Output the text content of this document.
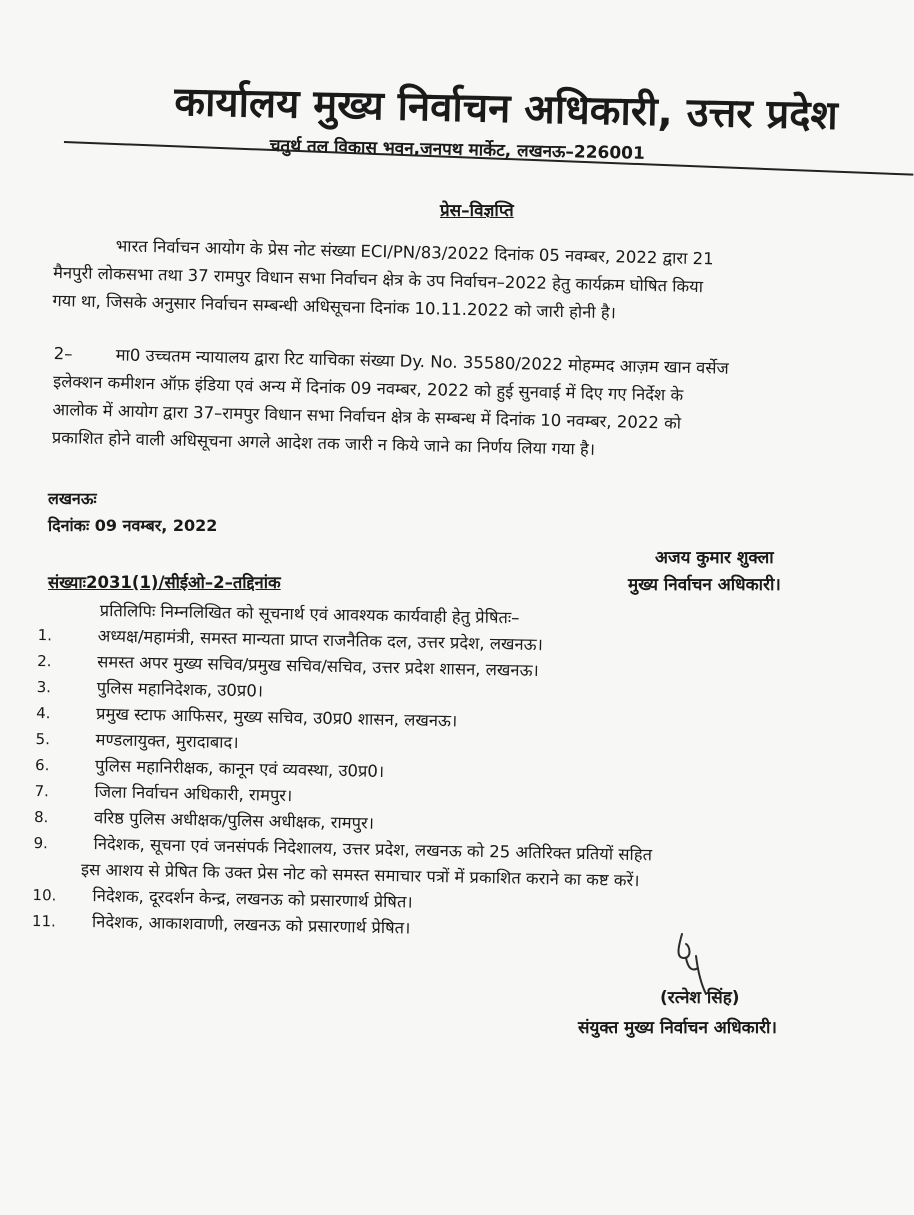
कार्यालय मुख्य निर्वाचन अधिकारी, उत्तर प्रदेश
चतुर्थ तल विकास भवन,जनपथ मार्केट, लखनऊ–226001
प्रेस–विज्ञप्ति
भारत निर्वाचन आयोग के प्रेस नोट संख्या ECI/PN/83/2022 दिनांक 05 नवम्बर, 2022 द्वारा 21
मैनपुरी लोकसभा तथा 37 रामपुर विधान सभा निर्वाचन क्षेत्र के उप निर्वाचन–2022 हेतु कार्यक्रम घोषित किया
गया था, जिसके अनुसार निर्वाचन सम्बन्धी अधिसूचना दिनांक 10.11.2022 को जारी होनी है।
2–	मा0 उच्चतम न्यायालय द्वारा रिट याचिका संख्या Dy. No. 35580/2022 मोहम्मद आज़म खान वर्सेज
इलेक्शन कमीशन ऑफ़ इंडिया एवं अन्य में दिनांक 09 नवम्बर, 2022 को हुई सुनवाई में दिए गए निर्देश के
आलोक में आयोग द्वारा 37–रामपुर विधान सभा निर्वाचन क्षेत्र के सम्बन्ध में दिनांक 10 नवम्बर, 2022 को
प्रकाशित होने वाली अधिसूचना अगले आदेश तक जारी न किये जाने का निर्णय लिया गया है।
लखनऊः
दिनांकः 09 नवम्बर, 2022
अजय कुमार शुक्ला
मुख्य निर्वाचन अधिकारी।
संख्याः2031(1)/सीईओ–2–तद्दिनांक
प्रतिलिपिः निम्नलिखित को सूचनार्थ एवं आवश्यक कार्यवाही हेतु प्रेषितः–
1.	अध्यक्ष/महामंत्री, समस्त मान्यता प्राप्त राजनैतिक दल, उत्तर प्रदेश, लखनऊ।
2.	समस्त अपर मुख्य सचिव/प्रमुख सचिव/सचिव, उत्तर प्रदेश शासन, लखनऊ।
3.	पुलिस महानिदेशक, उ0प्र0।
4.	प्रमुख स्टाफ आफिसर, मुख्य सचिव, उ0प्र0 शासन, लखनऊ।
5.	मण्डलायुक्त, मुरादाबाद।
6.	पुलिस महानिरीक्षक, कानून एवं व्यवस्था, उ0प्र0।
7.	जिला निर्वाचन अधिकारी, रामपुर।
8.	वरिष्ठ पुलिस अधीक्षक/पुलिस अधीक्षक, रामपुर।
9.	निदेशक, सूचना एवं जनसंपर्क निदेशालय, उत्तर प्रदेश, लखनऊ को 25 अतिरिक्त प्रतियों सहित
इस आशय से प्रेषित कि उक्त प्रेस नोट को समस्त समाचार पत्रों में प्रकाशित कराने का कष्ट करें।
10.	निदेशक, दूरदर्शन केन्द्र, लखनऊ को प्रसारणार्थ प्रेषित।
11.	निदेशक, आकाशवाणी, लखनऊ को प्रसारणार्थ प्रेषित।
(रत्नेश सिंह)
संयुक्त मुख्य निर्वाचन अधिकारी।
